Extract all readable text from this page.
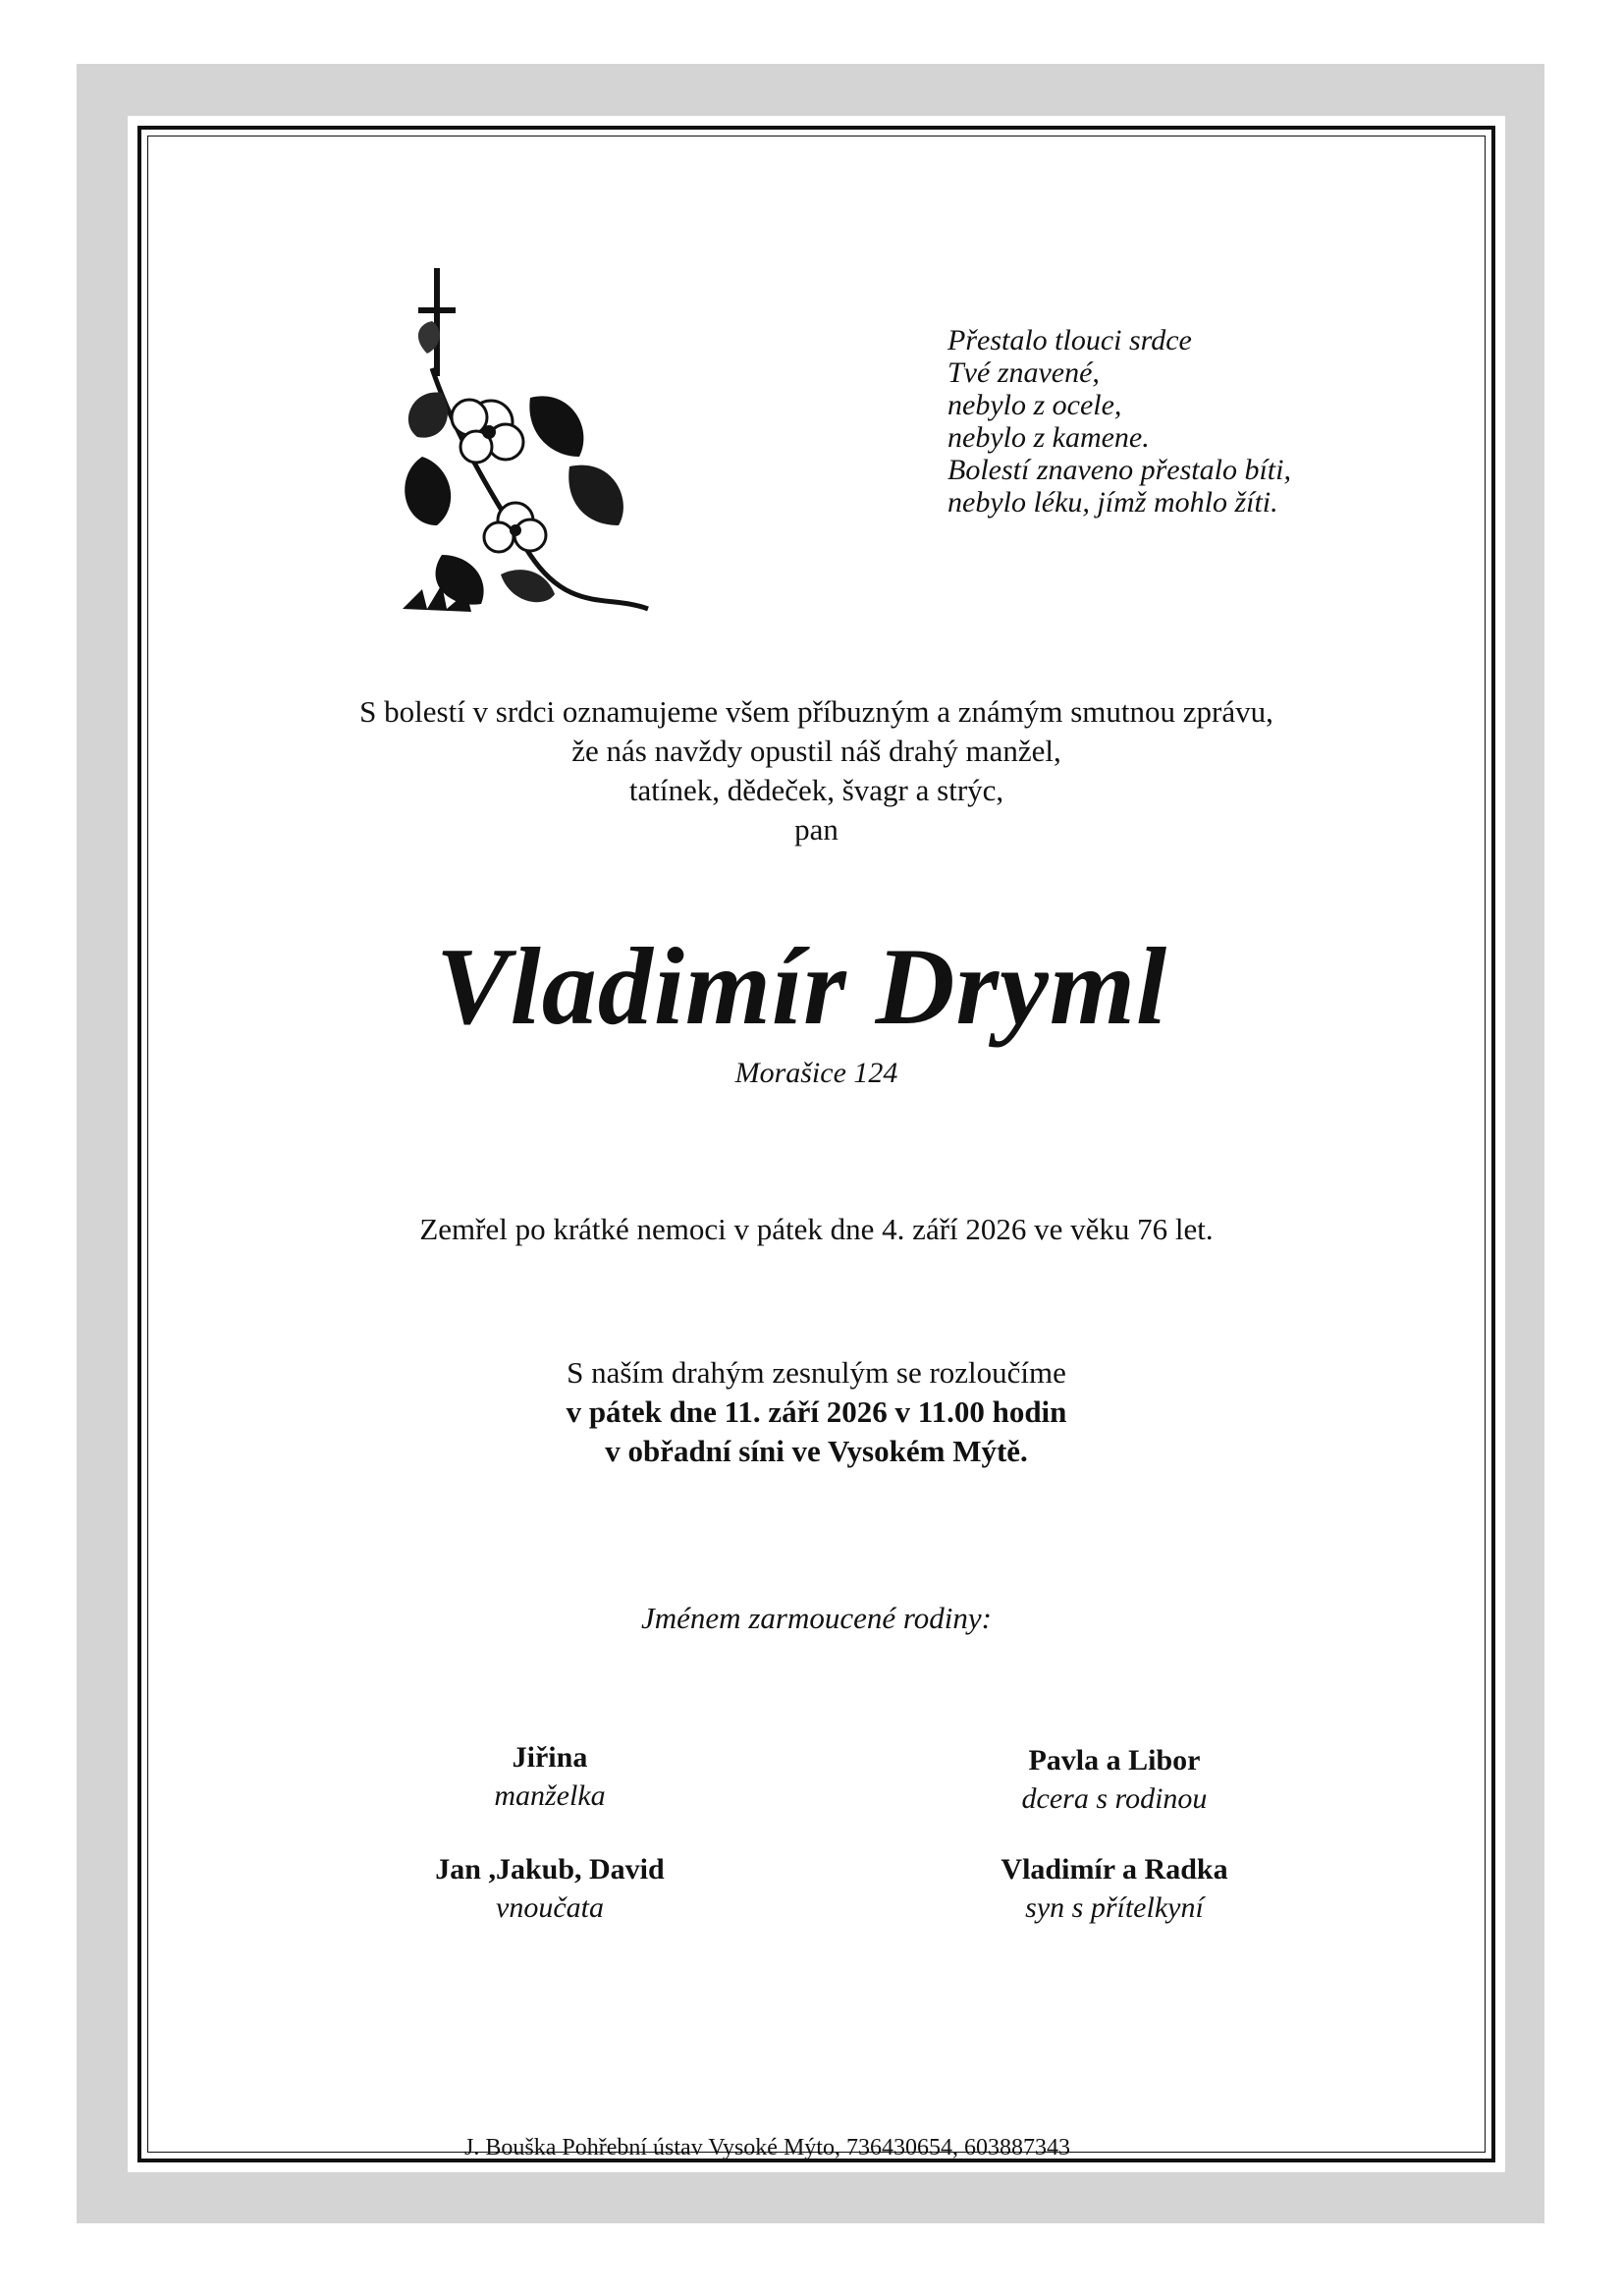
Přestalo tlouci srdce
Tvé znavené,
nebylo z ocele,
nebylo z kamene.
Bolestí znaveno přestalo bíti,
nebylo léku, jímž mohlo žíti.
S bolestí v srdci oznamujeme všem příbuzným a známým smutnou zprávu,
že nás navždy opustil náš drahý manžel,
tatínek, dědeček, švagr a strýc,
pan
Vladimír Dryml
Morašice 124
Zemřel po krátké nemoci v pátek dne 4. září 2026 ve věku 76 let.
S naším drahým zesnulým se rozloučíme
v pátek dne 11. září 2026 v 11.00 hodin
v obřadní síni ve Vysokém Mýtě.
Jménem zarmoucené rodiny:
Jiřina
manželka
Pavla a Libor
dcera s rodinou
Jan ,Jakub, David
vnoučata
Vladimír a Radka
syn s přítelkyní
J. Bouška Pohřební ústav Vysoké Mýto, 736430654, 603887343
